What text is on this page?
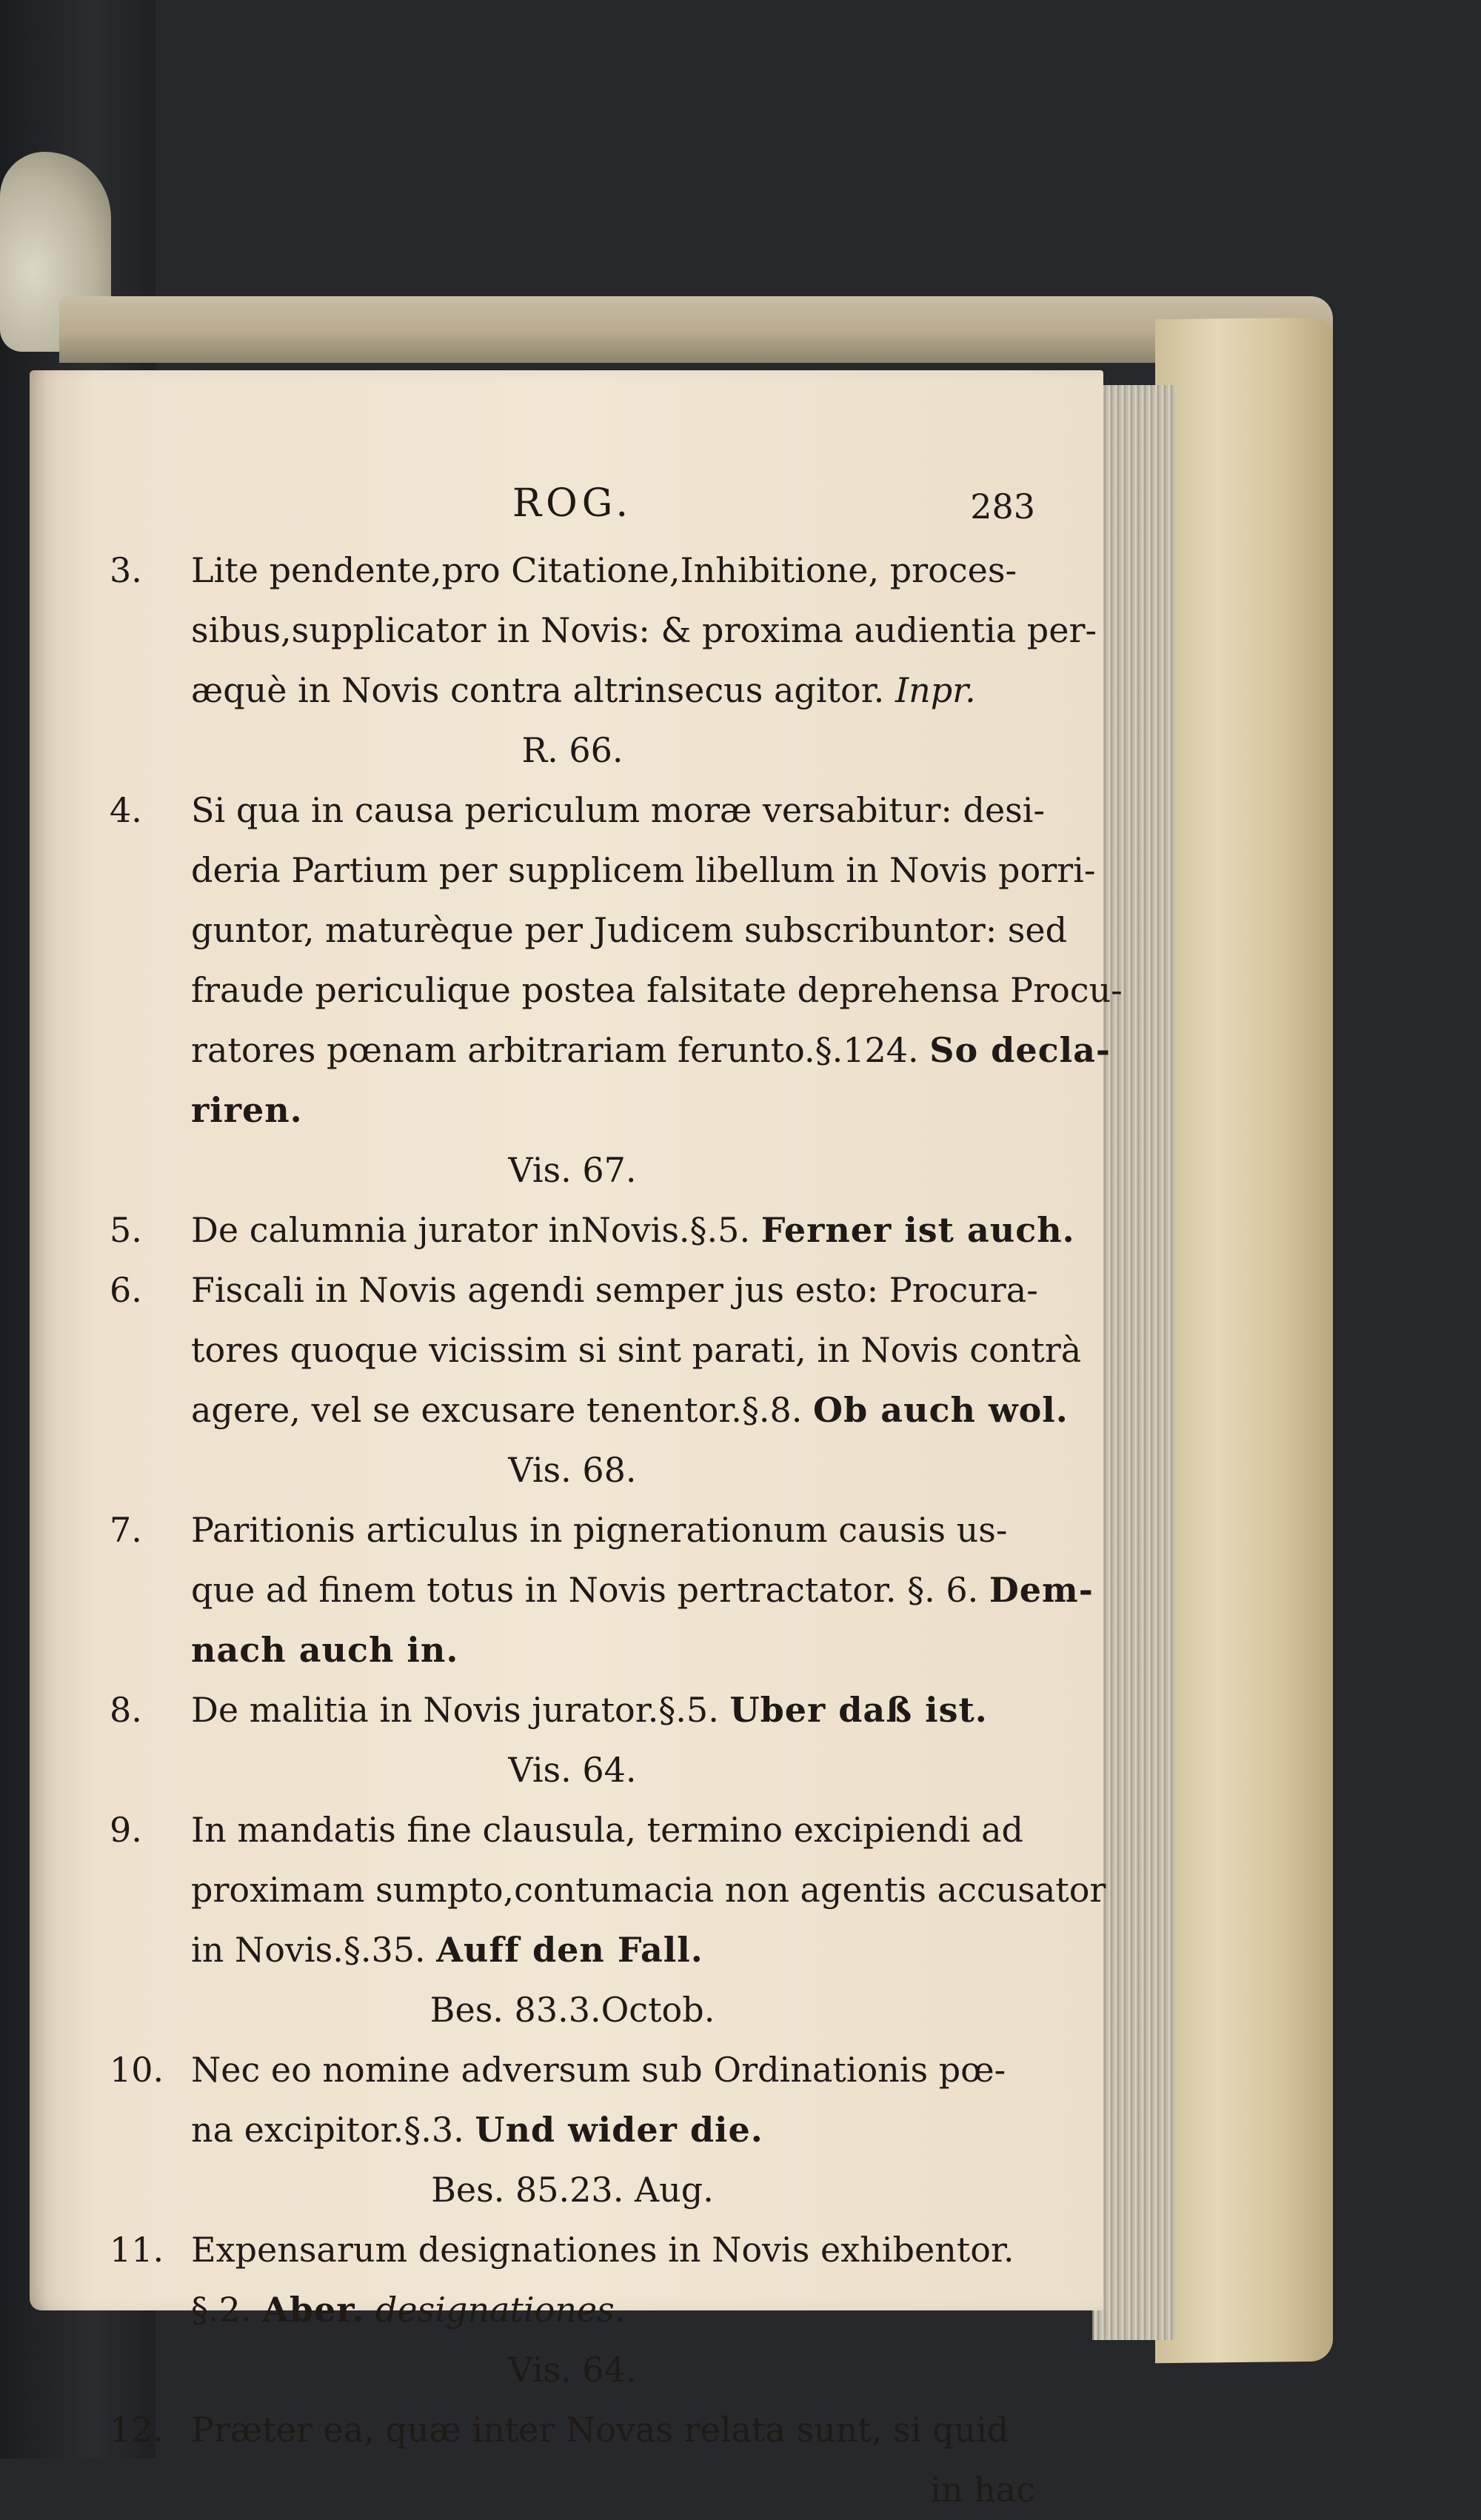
ROG.	283
3. Lite pendente,pro Citatione,Inhibitione, proces-
sibus,supplicator in Novis: & proxima audientia per-
æquè in Novis contra altrinsecus agitor. Inpr.
R. 66.
4. Si qua in causa periculum moræ versabitur: desi-
deria Partium per supplicem libellum in Novis porri-
guntor, maturèque per Judicem subscribuntor: sed
fraude periculique postea falsitate deprehensa Procu-
ratores pœnam arbitrariam ferunto.§.124. So declа-
riren.
Vis. 67.
5. De calumnia jurator inNovis.§.5. Ferner ist auch.
6. Fiscali in Novis agendi semper jus esto: Procura-
tores quoque vicissim si sint parati, in Novis contrà
agere, vel se excusare tenentor.§.8. Ob auch wol.
Vis. 68.
7. Paritionis articulus in pignerationum causis us-
que ad finem totus in Novis pertractator. §. 6. Dem-
nach auch in.
8. De malitia in Novis jurator.§.5. Uber daß ist.
Vis. 64.
9. In mandatis fine clausula, termino excipiendi ad
proximam sumpto,contumacia non agentis accusator
in Novis.§.35. Auff den Fall.
Bes. 83.3.Octob.
10. Nec eo nomine adversum sub Ordinationis pœ-
na excipitor.§.3. Und wider die.
Bes. 85.23. Aug.
11. Expensarum designationes in Novis exhibentor.
§.2. Aber. designationes.
Vis. 64.
12. Præter ea, quæ inter Novas relata sunt, si quid
in hac
